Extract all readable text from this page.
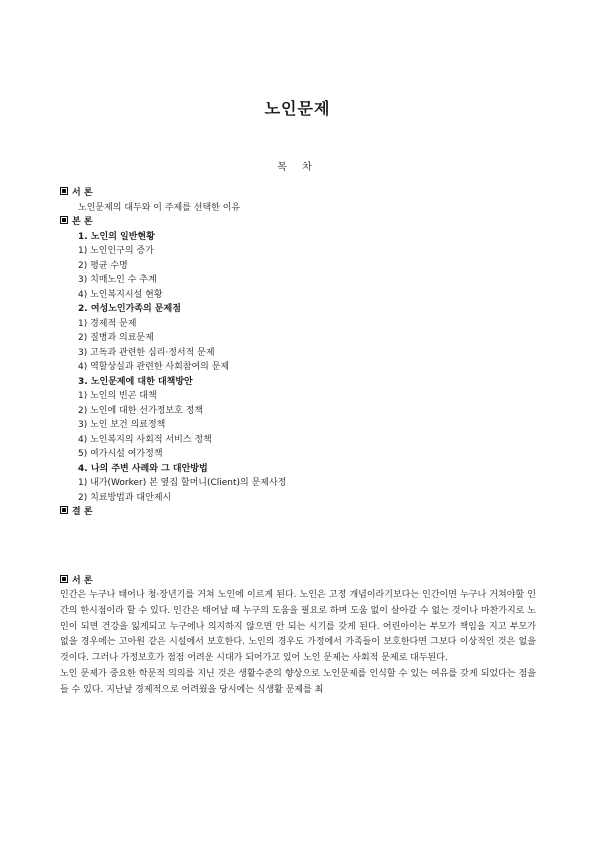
노인문제
목 차
서 론
노인문제의 대두와 이 주제를 선택한 이유
본 론
1. 노인의 일반현황
1) 노인인구의 증가
2) 평균 수명
3) 치매노인 수 추계
4) 노인복지시설 현황
2. 여성노인가족의 문제점
1) 경제적 문제
2) 질병과 의료문제
3) 고독과 관련한 심리·정서적 문제
4) 역할상실과 관련한 사회참여의 문제
3. 노인문제에 대한 대책방안
1) 노인의 빈곤 대책
2) 노인에 대한 선가정보호 정책
3) 노인 보건 의료정책
4) 노인복지의 사회적 서비스 정책
5) 여가시설 여가정책
4. 나의 주변 사례와 그 대안방법
1) 내가(Worker) 본 옆집 할머니(Client)의 문제사정
2) 치료방법과 대안제시
결 론
서 론

인간은 누구나 태어나 청·장년기를 거쳐 노인에 이르게 된다. 노인은 고정 개념이라기보다는 인간이면 누구나 거쳐야할 인간의 한시점이라 할 수 있다. 인간은 태어날 때 누구의 도움을 필요로 하며 도움 없이 살아갈 수 없는 것이나 마찬가지로 노인이 되면 건강을 잃게되고 누구에나 의지하지 않으면 안 되는 시기를 갖게 된다. 어린아이는 부모가 책임을 지고 부모가 없을 경우에는 고아원 같은 시설에서 보호한다. 노인의 경우도 가정에서 가족들이 보호한다면 그보다 이상적인 것은 없을 것이다. 그러나 가정보호가 점점 어려운 시대가 되어가고 있어 노인 문제는 사회적 문제로 대두된다.

노인 문제가 중요한 학문적 의의를 지닌 것은 생활수준의 향상으로 노인문제를 인식할 수 있는 여유를 갖게 되었다는 점을 들 수 있다. 지난날 경제적으로 어려웠을 당시에는 식생활 문제를 최
